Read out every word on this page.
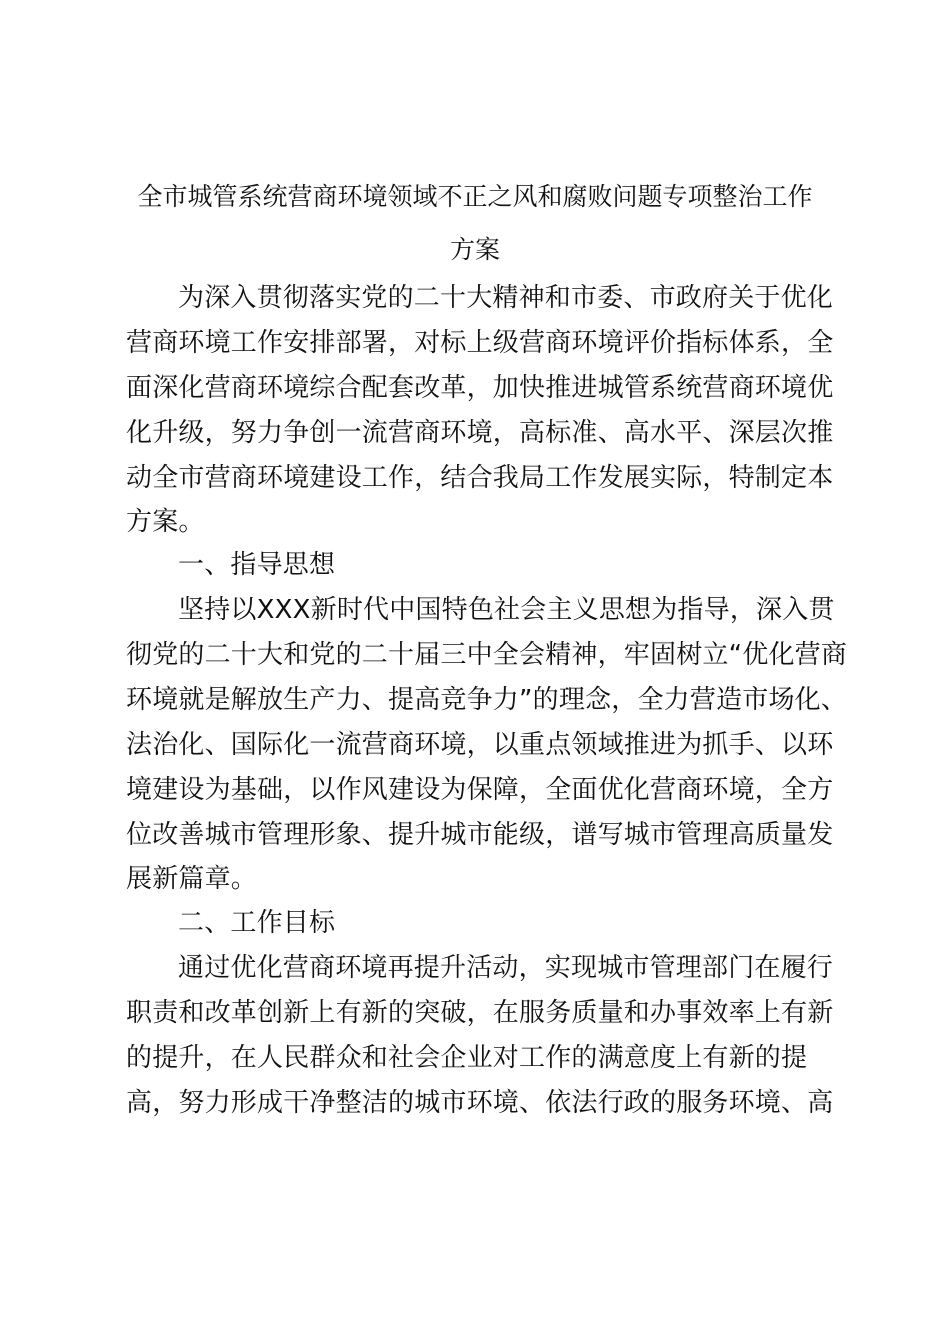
全市城管系统营商环境领域不正之风和腐败问题专项整治工作
方案
为深入贯彻落实党的二十大精神和市委、市政府关于优化
营商环境工作安排部署，对标上级营商环境评价指标体系，全
面深化营商环境综合配套改革，加快推进城管系统营商环境优
化升级，努力争创一流营商环境，高标准、高水平、深层次推
动全市营商环境建设工作，结合我局工作发展实际，特制定本
方案。
一、指导思想
坚持以XXX新时代中国特色社会主义思想为指导，深入贯
彻党的二十大和党的二十届三中全会精神，牢固树立“优化营商
环境就是解放生产力、提高竞争力”的理念，全力营造市场化、
法治化、国际化一流营商环境，以重点领域推进为抓手、以环
境建设为基础，以作风建设为保障，全面优化营商环境，全方
位改善城市管理形象、提升城市能级，谱写城市管理高质量发
展新篇章。
二、工作目标
通过优化营商环境再提升活动，实现城市管理部门在履行
职责和改革创新上有新的突破，在服务质量和办事效率上有新
的提升，在人民群众和社会企业对工作的满意度上有新的提
高，努力形成干净整洁的城市环境、依法行政的服务环境、高
